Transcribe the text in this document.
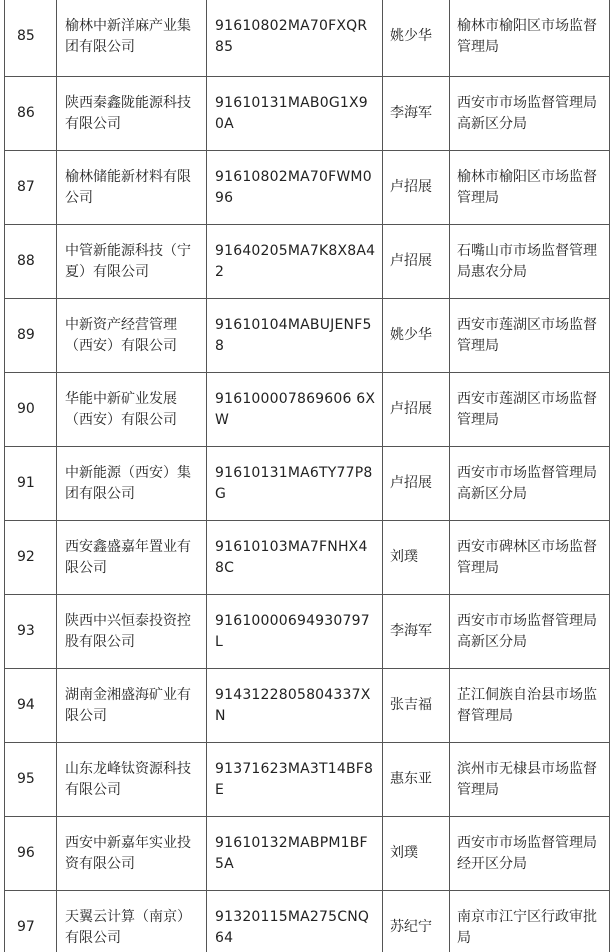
85	榆林中新洋麻产业集团有限公司	91610802MA70FXQR85	姚少华	榆林市榆阳区市场监督管理局
86	陕西秦鑫陇能源科技有限公司	91610131MAB0G1X90A	李海军	西安市市场监督管理局高新区分局
87	榆林储能新材料有限公司	91610802MA70FWM096	卢招展	榆林市榆阳区市场监督管理局
88	中管新能源科技（宁夏）有限公司	91640205MA7K8X8A42	卢招展	石嘴山市市场监督管理局惠农分局
89	中新资产经营管理（西安）有限公司	91610104MABUJENF58	姚少华	西安市莲湖区市场监督管理局
90	华能中新矿业发展（西安）有限公司	916100007869606 6XW	卢招展	西安市莲湖区市场监督管理局
91	中新能源（西安）集团有限公司	91610131MA6TY77P8G	卢招展	西安市市场监督管理局高新区分局
92	西安鑫盛嘉年置业有限公司	91610103MA7FNHX48C	刘璞	西安市碑林区市场监督管理局
93	陕西中兴恒泰投资控股有限公司	91610000694930797L	李海军	西安市市场监督管理局高新区分局
94	湖南金湘盛海矿业有限公司	9143122805804337XN	张吉福	芷江侗族自治县市场监督管理局
95	山东龙峰钛资源科技有限公司	91371623MA3T14BF8E	惠东亚	滨州市无棣县市场监督管理局
96	西安中新嘉年实业投资有限公司	91610132MABPM1BF5A	刘璞	西安市市场监督管理局经开区分局
97	天翼云计算（南京）有限公司	91320115MA275CNQ64	苏纪宁	南京市江宁区行政审批局
